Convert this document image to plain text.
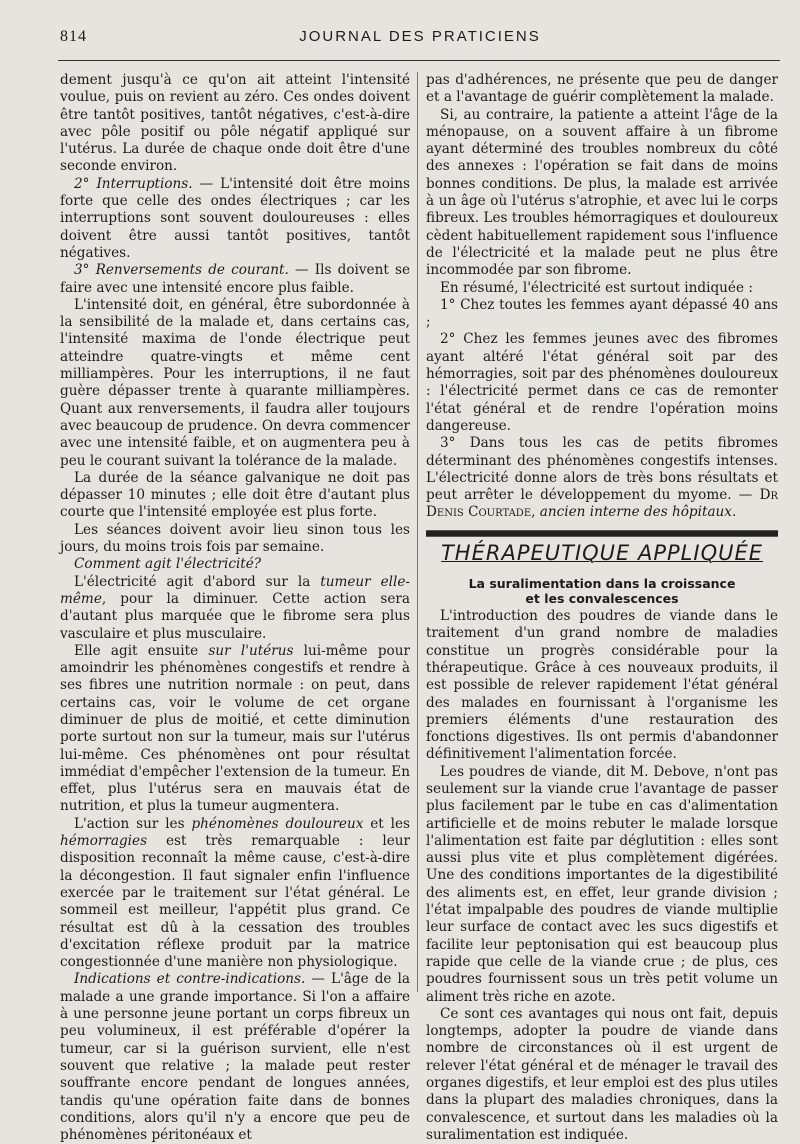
814	JOURNAL DES PRATICIENS

dement jusqu'à ce qu'on ait atteint l'intensité voulue, puis on revient au zéro. Ces ondes doivent être tantôt positives, tantôt négatives, c'est-à-dire avec pôle positif ou pôle négatif appliqué sur l'utérus. La durée de chaque onde doit être d'une seconde environ.

2° Interruptions. — L'intensité doit être moins forte que celle des ondes électriques ; car les interruptions sont souvent douloureuses : elles doivent être aussi tantôt positives, tantôt négatives.

3° Renversements de courant. — Ils doivent se faire avec une intensité encore plus faible.

L'intensité doit, en général, être subordonnée à la sensibilité de la malade et, dans certains cas, l'intensité maxima de l'onde électrique peut atteindre quatre-vingts et même cent milliampères. Pour les interruptions, il ne faut guère dépasser trente à quarante milliampères. Quant aux renversements, il faudra aller toujours avec beaucoup de prudence. On devra commencer avec une intensité faible, et on augmentera peu à peu le courant suivant la tolérance de la malade.

La durée de la séance galvanique ne doit pas dépasser 10 minutes ; elle doit être d'autant plus courte que l'intensité employée est plus forte.

Les séances doivent avoir lieu sinon tous les jours, du moins trois fois par semaine.

Comment agit l'électricité?

L'électricité agit d'abord sur la tumeur elle-même, pour la diminuer. Cette action sera d'autant plus marquée que le fibrome sera plus vasculaire et plus musculaire.

Elle agit ensuite sur l'utérus lui-même pour amoindrir les phénomènes congestifs et rendre à ses fibres une nutrition normale : on peut, dans certains cas, voir le volume de cet organe diminuer de plus de moitié, et cette diminution porte surtout non sur la tumeur, mais sur l'utérus lui-même. Ces phénomènes ont pour résultat immédiat d'empêcher l'extension de la tumeur. En effet, plus l'utérus sera en mauvais état de nutrition, et plus la tumeur augmentera.

L'action sur les phénomènes douloureux et les hémorragies est très remarquable : leur disposition reconnaît la même cause, c'est-à-dire la décongestion. Il faut signaler enfin l'influence exercée par le traitement sur l'état général. Le sommeil est meilleur, l'appétit plus grand. Ce résultat est dû à la cessation des troubles d'excitation réflexe produit par la matrice congestionnée d'une manière non physiologique.

Indications et contre-indications. — L'âge de la malade a une grande importance. Si l'on a affaire à une personne jeune portant un corps fibreux un peu volumineux, il est préférable d'opérer la tumeur, car si la guérison survient, elle n'est souvent que relative ; la malade peut rester souffrante encore pendant de longues années, tandis qu'une opération faite dans de bonnes conditions, alors qu'il n'y a encore que peu de phénomènes péritonéaux et

pas d'adhérences, ne présente que peu de danger et a l'avantage de guérir complètement la malade.

Si, au contraire, la patiente a atteint l'âge de la ménopause, on a souvent affaire à un fibrome ayant déterminé des troubles nombreux du côté des annexes : l'opération se fait dans de moins bonnes conditions. De plus, la malade est arrivée à un âge où l'utérus s'atrophie, et avec lui le corps fibreux. Les troubles hémorragiques et douloureux cèdent habituellement rapidement sous l'influence de l'électricité et la malade peut ne plus être incommodée par son fibrome.

En résumé, l'électricité est surtout indiquée :

1° Chez toutes les femmes ayant dépassé 40 ans ;

2° Chez les femmes jeunes avec des fibromes ayant altéré l'état général soit par des hémorragies, soit par des phénomènes douloureux : l'électricité permet dans ce cas de remonter l'état général et de rendre l'opération moins dangereuse.

3° Dans tous les cas de petits fibromes déterminant des phénomènes congestifs intenses. L'électricité donne alors de très bons résultats et peut arrêter le développement du myome. — Dr Denis Courtade, ancien interne des hôpitaux.

THÉRAPEUTIQUE APPLIQUÉE
La suralimentation dans la croissance
et les convalescences

L'introduction des poudres de viande dans le traitement d'un grand nombre de maladies constitue un progrès considérable pour la thérapeutique. Grâce à ces nouveaux produits, il est possible de relever rapidement l'état général des malades en fournissant à l'organisme les premiers éléments d'une restauration des fonctions digestives. Ils ont permis d'abandonner définitivement l'alimentation forcée.

Les poudres de viande, dit M. Debove, n'ont pas seulement sur la viande crue l'avantage de passer plus facilement par le tube en cas d'alimentation artificielle et de moins rebuter le malade lorsque l'alimentation est faite par déglutition : elles sont aussi plus vite et plus complètement digérées. Une des conditions importantes de la digestibilité des aliments est, en effet, leur grande division ; l'état impalpable des poudres de viande multiplie leur surface de contact avec les sucs digestifs et facilite leur peptonisation qui est beaucoup plus rapide que celle de la viande crue ; de plus, ces poudres fournissent sous un très petit volume un aliment très riche en azote.

Ce sont ces avantages qui nous ont fait, depuis longtemps, adopter la poudre de viande dans nombre de circonstances où il est urgent de relever l'état général et de ménager le travail des organes digestifs, et leur emploi est des plus utiles dans la plupart des maladies chroniques, dans la convalescence, et surtout dans les maladies où la suralimentation est indiquée.
